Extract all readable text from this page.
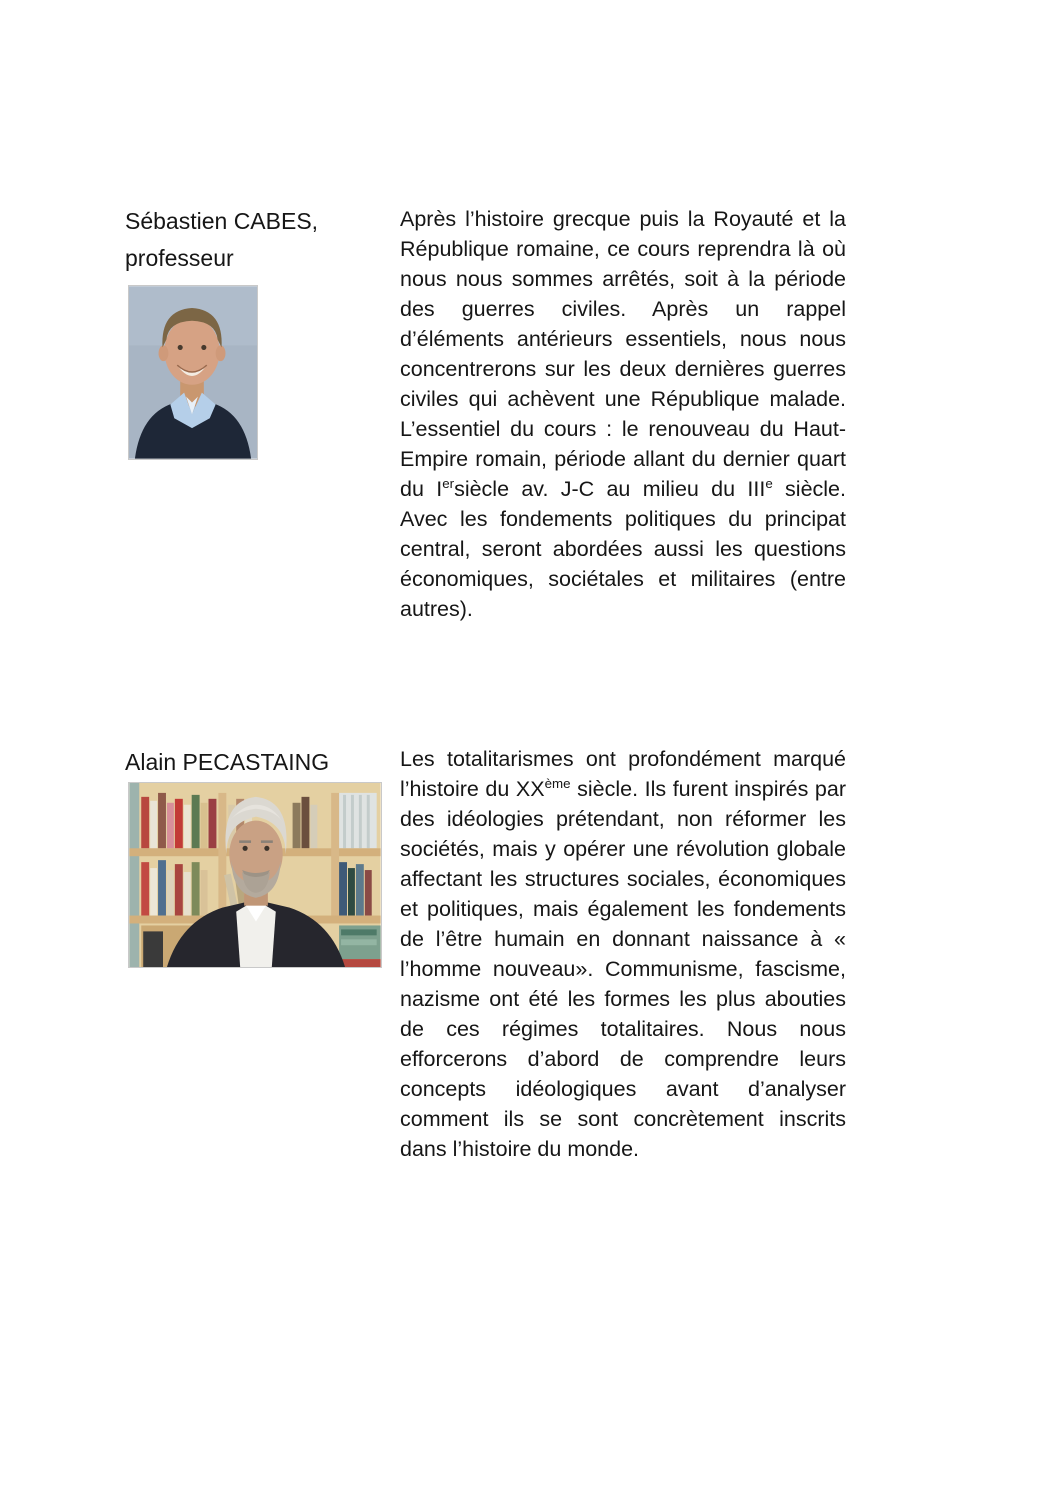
Sébastien CABES,
professeur

Après l’histoire grecque puis la Royauté et la République romaine, ce cours reprendra là où nous nous sommes arrêtés, soit à la période des guerres civiles. Après un rappel d’éléments antérieurs essentiels, nous nous concentrerons sur les deux dernières guerres civiles qui achèvent une République malade. L’essentiel du cours : le renouveau du Haut-Empire romain, période allant du dernier quart du Iersiècle av. J-C au milieu du IIIe siècle. Avec les fondements politiques du principat central, seront abordées aussi les questions économiques, sociétales et militaires (entre autres).

Alain PECASTAING	Les totalitarismes ont profondément marqué l’histoire du XXème siècle. Ils furent inspirés par des idéologies prétendant, non réformer les sociétés, mais y opérer une révolution globale affectant les structures sociales, économiques et politiques, mais également les fondements de l’être humain en donnant naissance à « l’homme nouveau». Communisme, fascisme, nazisme ont été les formes les plus abouties de ces régimes totalitaires. Nous nous efforcerons d’abord de comprendre leurs concepts idéologiques avant d’analyser comment ils se sont concrètement inscrits dans l’histoire du monde.
